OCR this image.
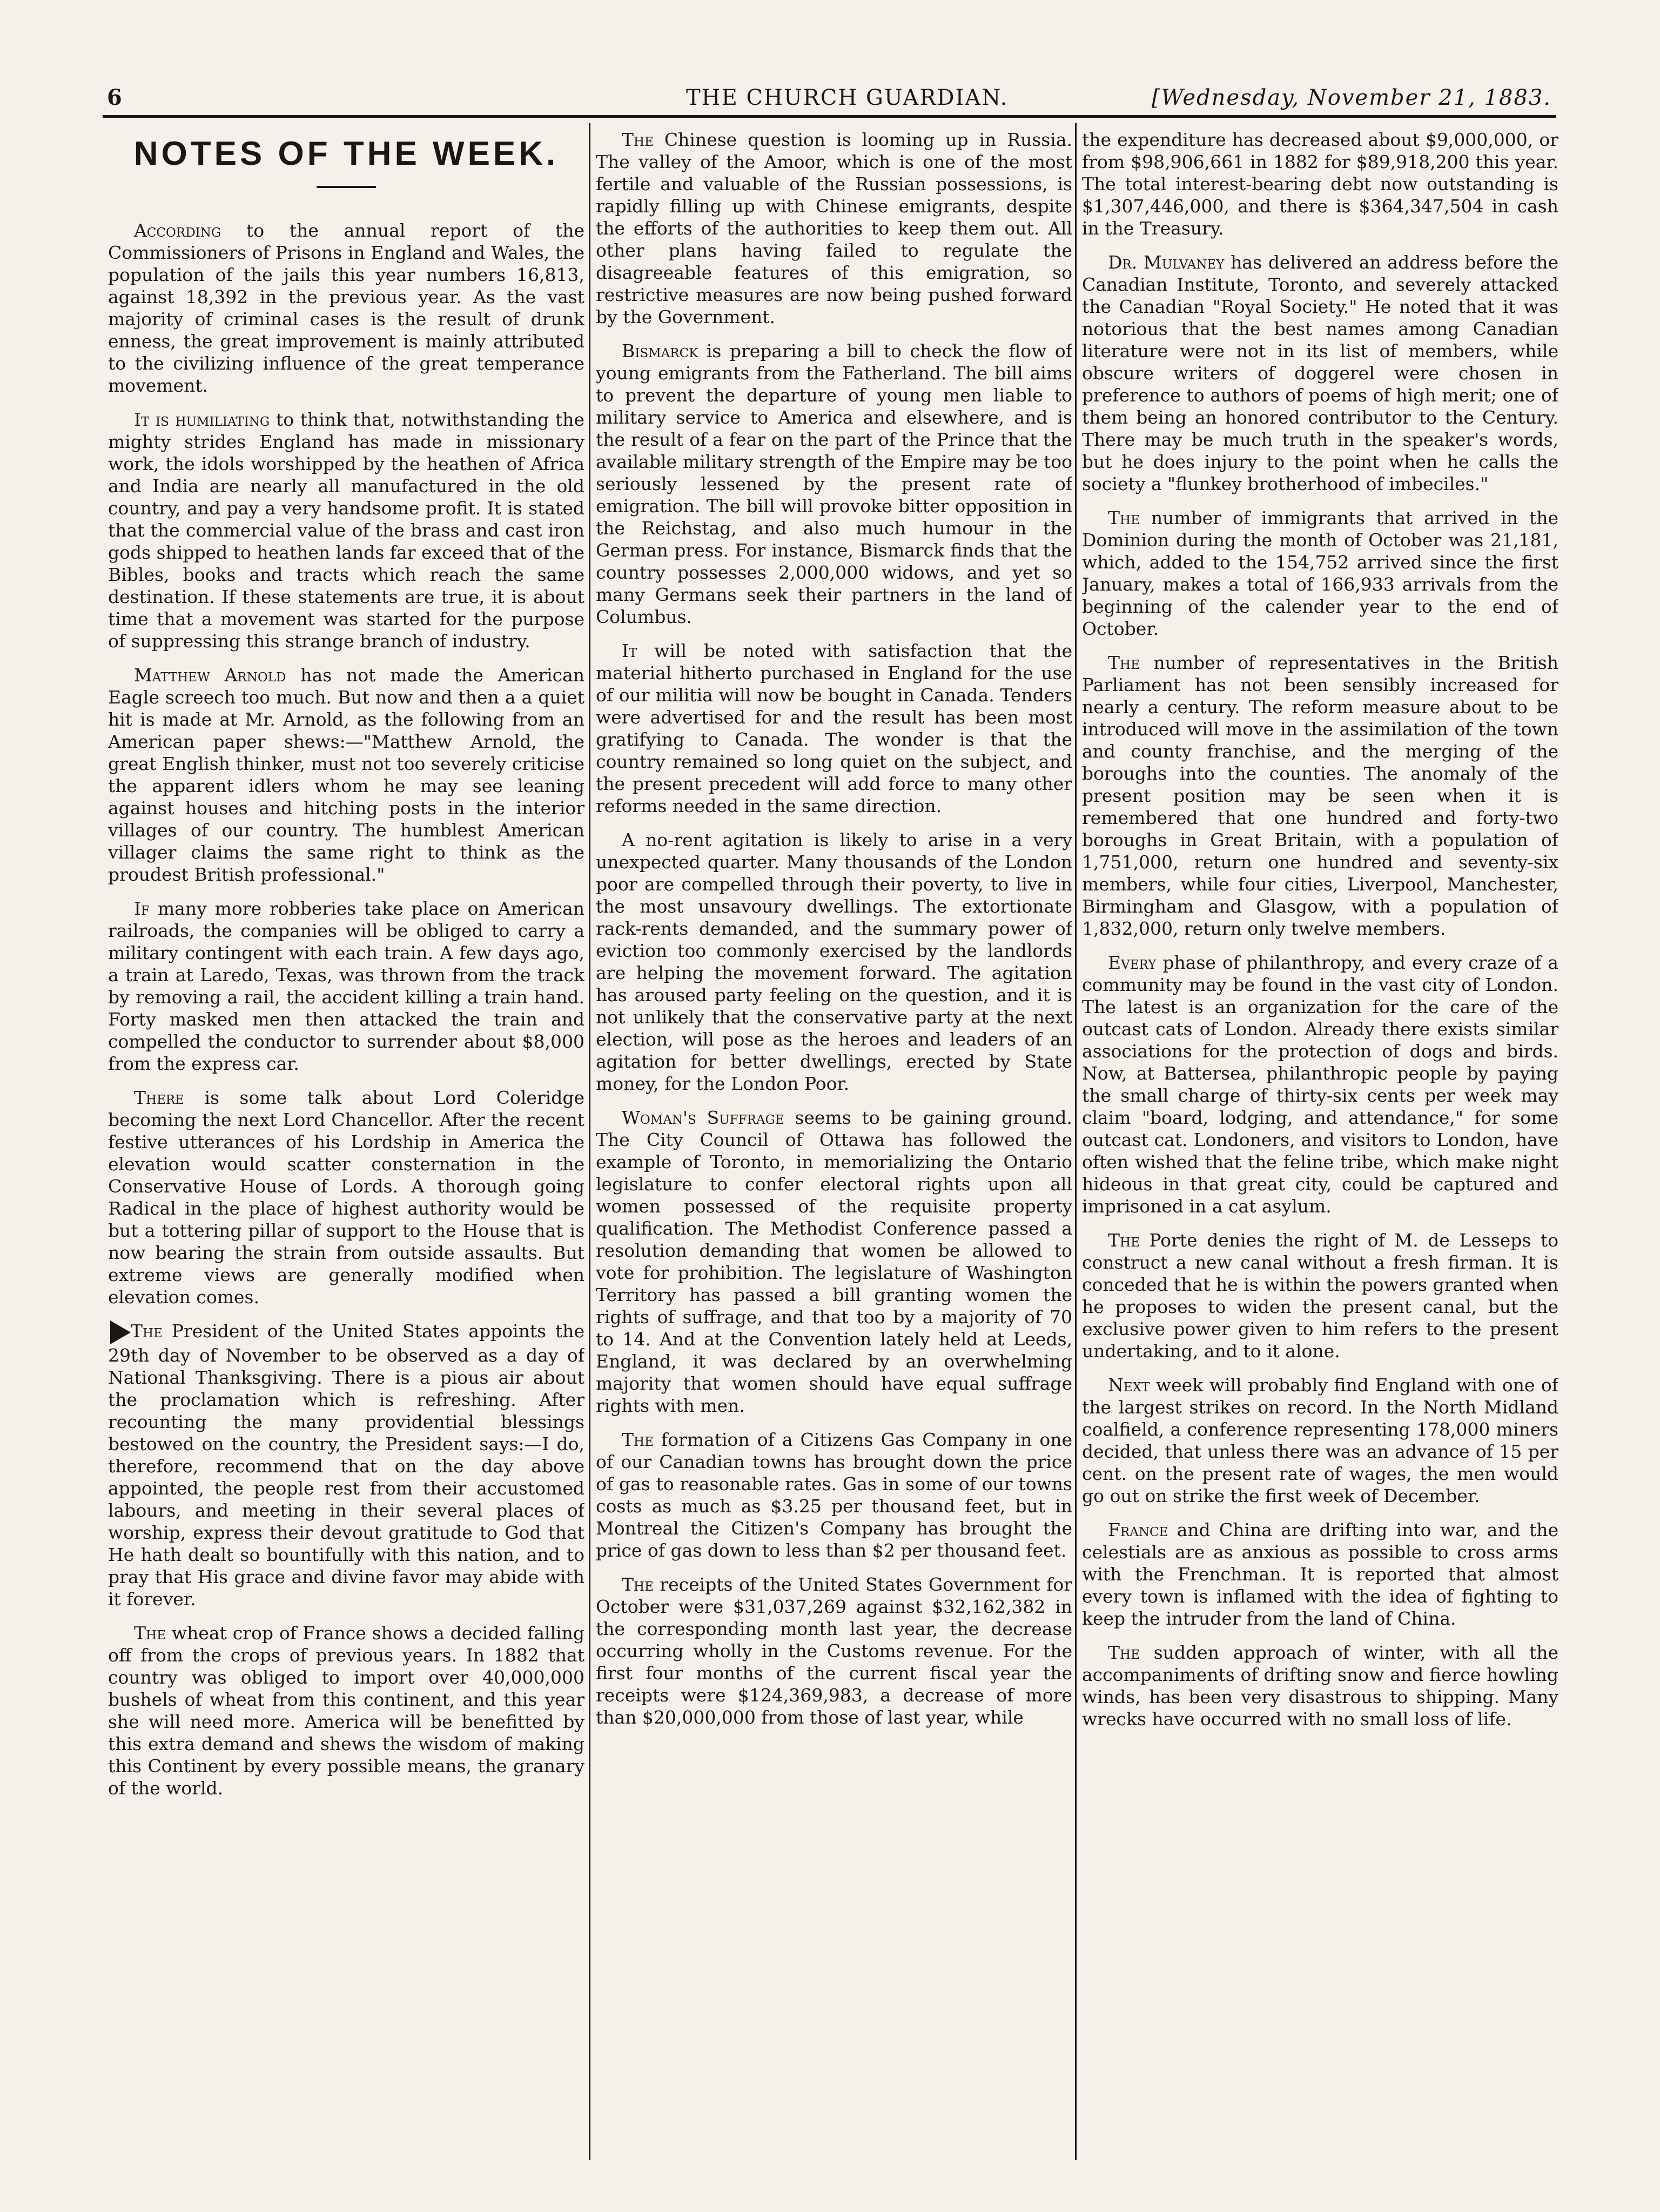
6	THE CHURCH GUARDIAN.	[Wednesday, November 21, 1883.
NOTES OF THE WEEK.

According to the annual report of the Commissioners of Prisons in England and Wales, the population of the jails this year numbers 16,813, against 18,392 in the previous year. As the vast majority of criminal cases is the result of drunk enness, the great improvement is mainly attributed to the civilizing influence of the great temperance movement.

It is humiliating to think that, notwithstanding the mighty strides England has made in missionary work, the idols worshipped by the heathen of Africa and India are nearly all manufactured in the old country, and pay a very handsome profit. It is stated that the commercial value of the brass and cast iron gods shipped to heathen lands far exceed that of the Bibles, books and tracts which reach the same destination. If these statements are true, it is about time that a movement was started for the purpose of suppressing this strange branch of industry.

Matthew Arnold has not made the American Eagle screech too much. But now and then a a quiet hit is made at Mr. Arnold, as the following from an American paper shews:—"Matthew Arnold, the great English thinker, must not too severely criticise the apparent idlers whom he may see leaning against houses and hitching posts in the interior villages of our country. The humblest American villager claims the same right to think as the proudest British professional."

If many more robberies take place on American railroads, the companies will be obliged to carry a military contingent with each train. A few days ago, a train at Laredo, Texas, was thrown from the track by removing a rail, the accident killing a train hand. Forty masked men then attacked the train and compelled the conductor to surrender about $8,000 from the express car.

There is some talk about Lord Coleridge becoming the next Lord Chancellor. After the recent festive utterances of his Lordship in America the elevation would scatter consternation in the Conservative House of Lords. A thorough going Radical in the place of highest authority would be but a tottering pillar of support to the House that is now bearing the strain from outside assaults. But extreme views are generally modified when elevation comes.

The President of the United States appoints the 29th day of November to be observed as a day of National Thanksgiving. There is a pious air about the proclamation which is refreshing. After recounting the many providential blessings bestowed on the country, the President says:—I do, therefore, recommend that on the day above appointed, the people rest from their accustomed labours, and meeting in their several places of worship, express their devout gratitude to God that He hath dealt so bountifully with this nation, and to pray that His grace and divine favor may abide with it forever.

The wheat crop of France shows a decided falling off from the crops of previous years. In 1882 that country was obliged to import over 40,000,000 bushels of wheat from this continent, and this year she will need more. America will be benefitted by this extra demand and shews the wisdom of making this Continent by every possible means, the granary of the world.

The Chinese question is looming up in Russia. The valley of the Amoor, which is one of the most fertile and valuable of the Russian possessions, is rapidly filling up with Chinese emigrants, despite the efforts of the authorities to keep them out. All other plans having failed to regulate the disagreeable features of this emigration, so restrictive measures are now being pushed forward by the Government.

Bismarck is preparing a bill to check the flow of young emigrants from the Fatherland. The bill aims to prevent the departure of young men liable to military service to America and elsewhere, and is the result of a fear on the part of the Prince that the available military strength of the Empire may be too seriously lessened by the present rate of emigration. The bill will provoke bitter opposition in the Reichstag, and also much humour in the German press. For instance, Bismarck finds that the country possesses 2,000,000 widows, and yet so many Germans seek their partners in the land of Columbus.

It will be noted with satisfaction that the material hitherto purchased in England for the use of our militia will now be bought in Canada. Tenders were advertised for and the result has been most gratifying to Canada. The wonder is that the country remained so long quiet on the subject, and the present precedent will add force to many other reforms needed in the same direction.

A no-rent agitation is likely to arise in a very unexpected quarter. Many thousands of the London poor are compelled through their poverty, to live in the most unsavoury dwellings. The extortionate rack-rents demanded, and the summary power of eviction too commonly exercised by the landlords are helping the movement forward. The agitation has aroused party feeling on the question, and it is not unlikely that the conservative party at the next election, will pose as the heroes and leaders of an agitation for better dwellings, erected by State money, for the London Poor.

Woman's Suffrage seems to be gaining ground. The City Council of Ottawa has followed the example of Toronto, in memorializing the Ontario legislature to confer electoral rights upon all women possessed of the requisite property qualification. The Methodist Conference passed a resolution demanding that women be allowed to vote for prohibition. The legislature of Washington Territory has passed a bill granting women the rights of suffrage, and that too by a majority of 70 to 14. And at the Convention lately held at Leeds, England, it was declared by an overwhelming majority that women should have equal suffrage rights with men.

The formation of a Citizens Gas Company in one of our Canadian towns has brought down the price of gas to reasonable rates. Gas in some of our towns costs as much as $3.25 per thousand feet, but in Montreal the Citizen's Company has brought the price of gas down to less than $2 per thousand feet.

The receipts of the United States Government for October were $31,037,269 against $32,162,382 in the corresponding month last year, the decrease occurring wholly in the Customs revenue. For the first four months of the current fiscal year the receipts were $124,369,983, a decrease of more than $20,000,000 from those of last year, while

the expenditure has decreased about $9,000,000, or from $98,906,661 in 1882 for $89,918,200 this year. The total interest-bearing debt now outstanding is $1,307,446,000, and there is $364,347,504 in cash in the Treasury.

Dr. Mulvaney has delivered an address before the Canadian Institute, Toronto, and severely attacked the Canadian "Royal Society." He noted that it was notorious that the best names among Canadian literature were not in its list of members, while obscure writers of doggerel were chosen in preference to authors of poems of high merit; one of them being an honored contributor to the Century. There may be much truth in the speaker's words, but he does injury to the point when he calls the society a "flunkey brotherhood of imbeciles."

The number of immigrants that arrived in the Dominion during the month of October was 21,181, which, added to the 154,752 arrived since the first January, makes a total of 166,933 arrivals from the beginning of the calender year to the end of October.

The number of representatives in the British Parliament has not been sensibly increased for nearly a century. The reform measure about to be introduced will move in the assimilation of the town and county franchise, and the merging of the boroughs into the counties. The anomaly of the present position may be seen when it is remembered that one hundred and forty-two boroughs in Great Britain, with a population of 1,751,000, return one hundred and seventy-six members, while four cities, Liverpool, Manchester, Birmingham and Glasgow, with a population of 1,832,000, return only twelve members.

Every phase of philanthropy, and every craze of a community may be found in the vast city of London. The latest is an organization for the care of the outcast cats of London. Already there exists similar associations for the protection of dogs and birds. Now, at Battersea, philanthropic people by paying the small charge of thirty-six cents per week may claim "board, lodging, and attendance," for some outcast cat. Londoners, and visitors to London, have often wished that the feline tribe, which make night hideous in that great city, could be captured and imprisoned in a cat asylum.

The Porte denies the right of M. de Lesseps to construct a new canal without a fresh firman. It is conceded that he is within the powers granted when he proposes to widen the present canal, but the exclusive power given to him refers to the present undertaking, and to it alone.

Next week will probably find England with one of the largest strikes on record. In the North Midland coalfield, a conference representing 178,000 miners decided, that unless there was an advance of 15 per cent. on the present rate of wages, the men would go out on strike the first week of December.

France and China are drifting into war, and the celestials are as anxious as possible to cross arms with the Frenchman. It is reported that almost every town is inflamed with the idea of fighting to keep the intruder from the land of China.

The sudden approach of winter, with all the accompaniments of drifting snow and fierce howling winds, has been very disastrous to shipping. Many wrecks have occurred with no small loss of life.
